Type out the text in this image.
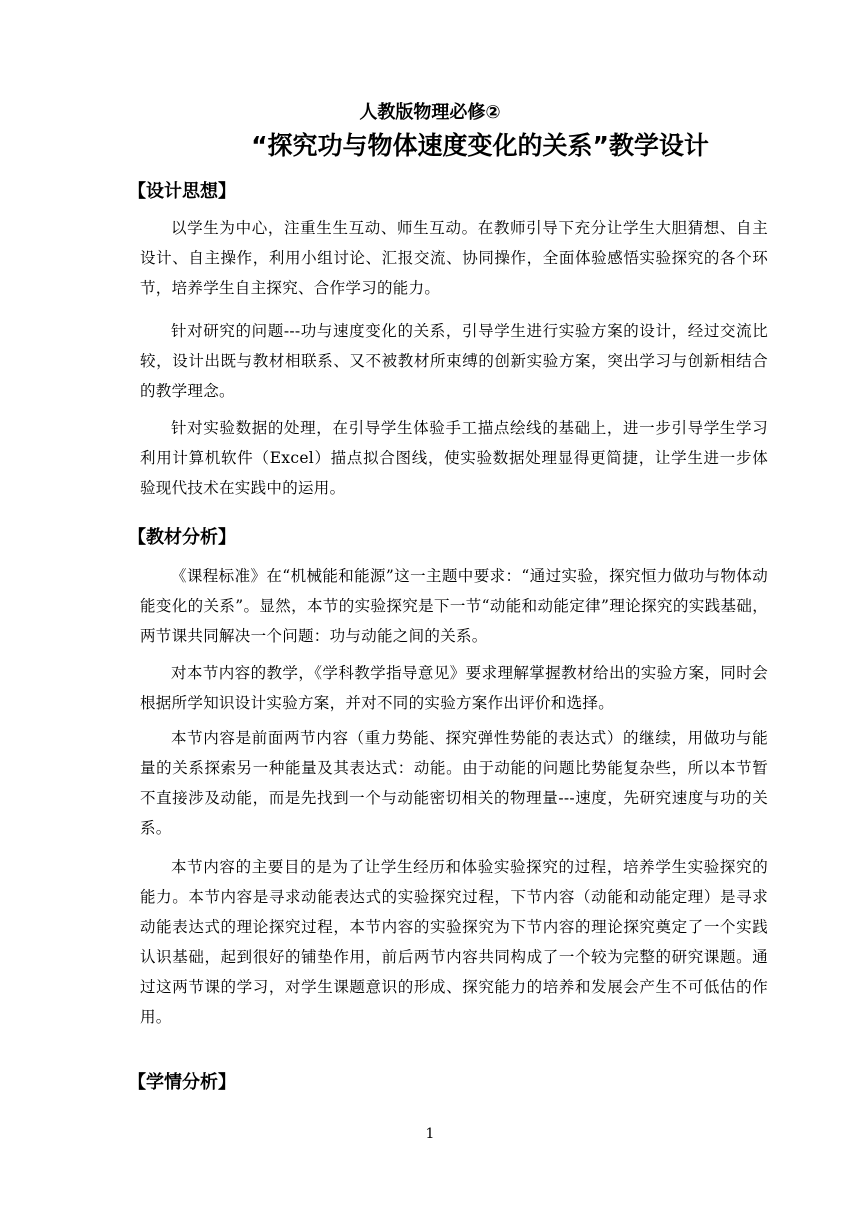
人教版物理必修②
“探究功与物体速度变化的关系”教学设计
【设计思想】

以学生为中心，注重生生互动、师生互动。在教师引导下充分让学生大胆猜想、自主设计、自主操作，利用小组讨论、汇报交流、协同操作，全面体验感悟实验探究的各个环节，培养学生自主探究、合作学习的能力。

针对研究的问题---功与速度变化的关系，引导学生进行实验方案的设计，经过交流比较，设计出既与教材相联系、又不被教材所束缚的创新实验方案，突出学习与创新相结合的教学理念。

针对实验数据的处理，在引导学生体验手工描点绘线的基础上，进一步引导学生学习利用计算机软件（Excel）描点拟合图线，使实验数据处理显得更简捷，让学生进一步体验现代技术在实践中的运用。

【教材分析】

《课程标准》在“机械能和能源”这一主题中要求：“通过实验，探究恒力做功与物体动能变化的关系”。显然，本节的实验探究是下一节“动能和动能定律”理论探究的实践基础，两节课共同解决一个问题：功与动能之间的关系。

对本节内容的教学，《学科教学指导意见》要求理解掌握教材给出的实验方案，同时会根据所学知识设计实验方案，并对不同的实验方案作出评价和选择。

本节内容是前面两节内容（重力势能、探究弹性势能的表达式）的继续，用做功与能量的关系探索另一种能量及其表达式：动能。由于动能的问题比势能复杂些，所以本节暂不直接涉及动能，而是先找到一个与动能密切相关的物理量---速度，先研究速度与功的关系。

本节内容的主要目的是为了让学生经历和体验实验探究的过程，培养学生实验探究的能力。本节内容是寻求动能表达式的实验探究过程，下节内容（动能和动能定理）是寻求动能表达式的理论探究过程，本节内容的实验探究为下节内容的理论探究奠定了一个实践认识基础，起到很好的铺垫作用，前后两节内容共同构成了一个较为完整的研究课题。通过这两节课的学习，对学生课题意识的形成、探究能力的培养和发展会产生不可低估的作用。

【学情分析】
1
